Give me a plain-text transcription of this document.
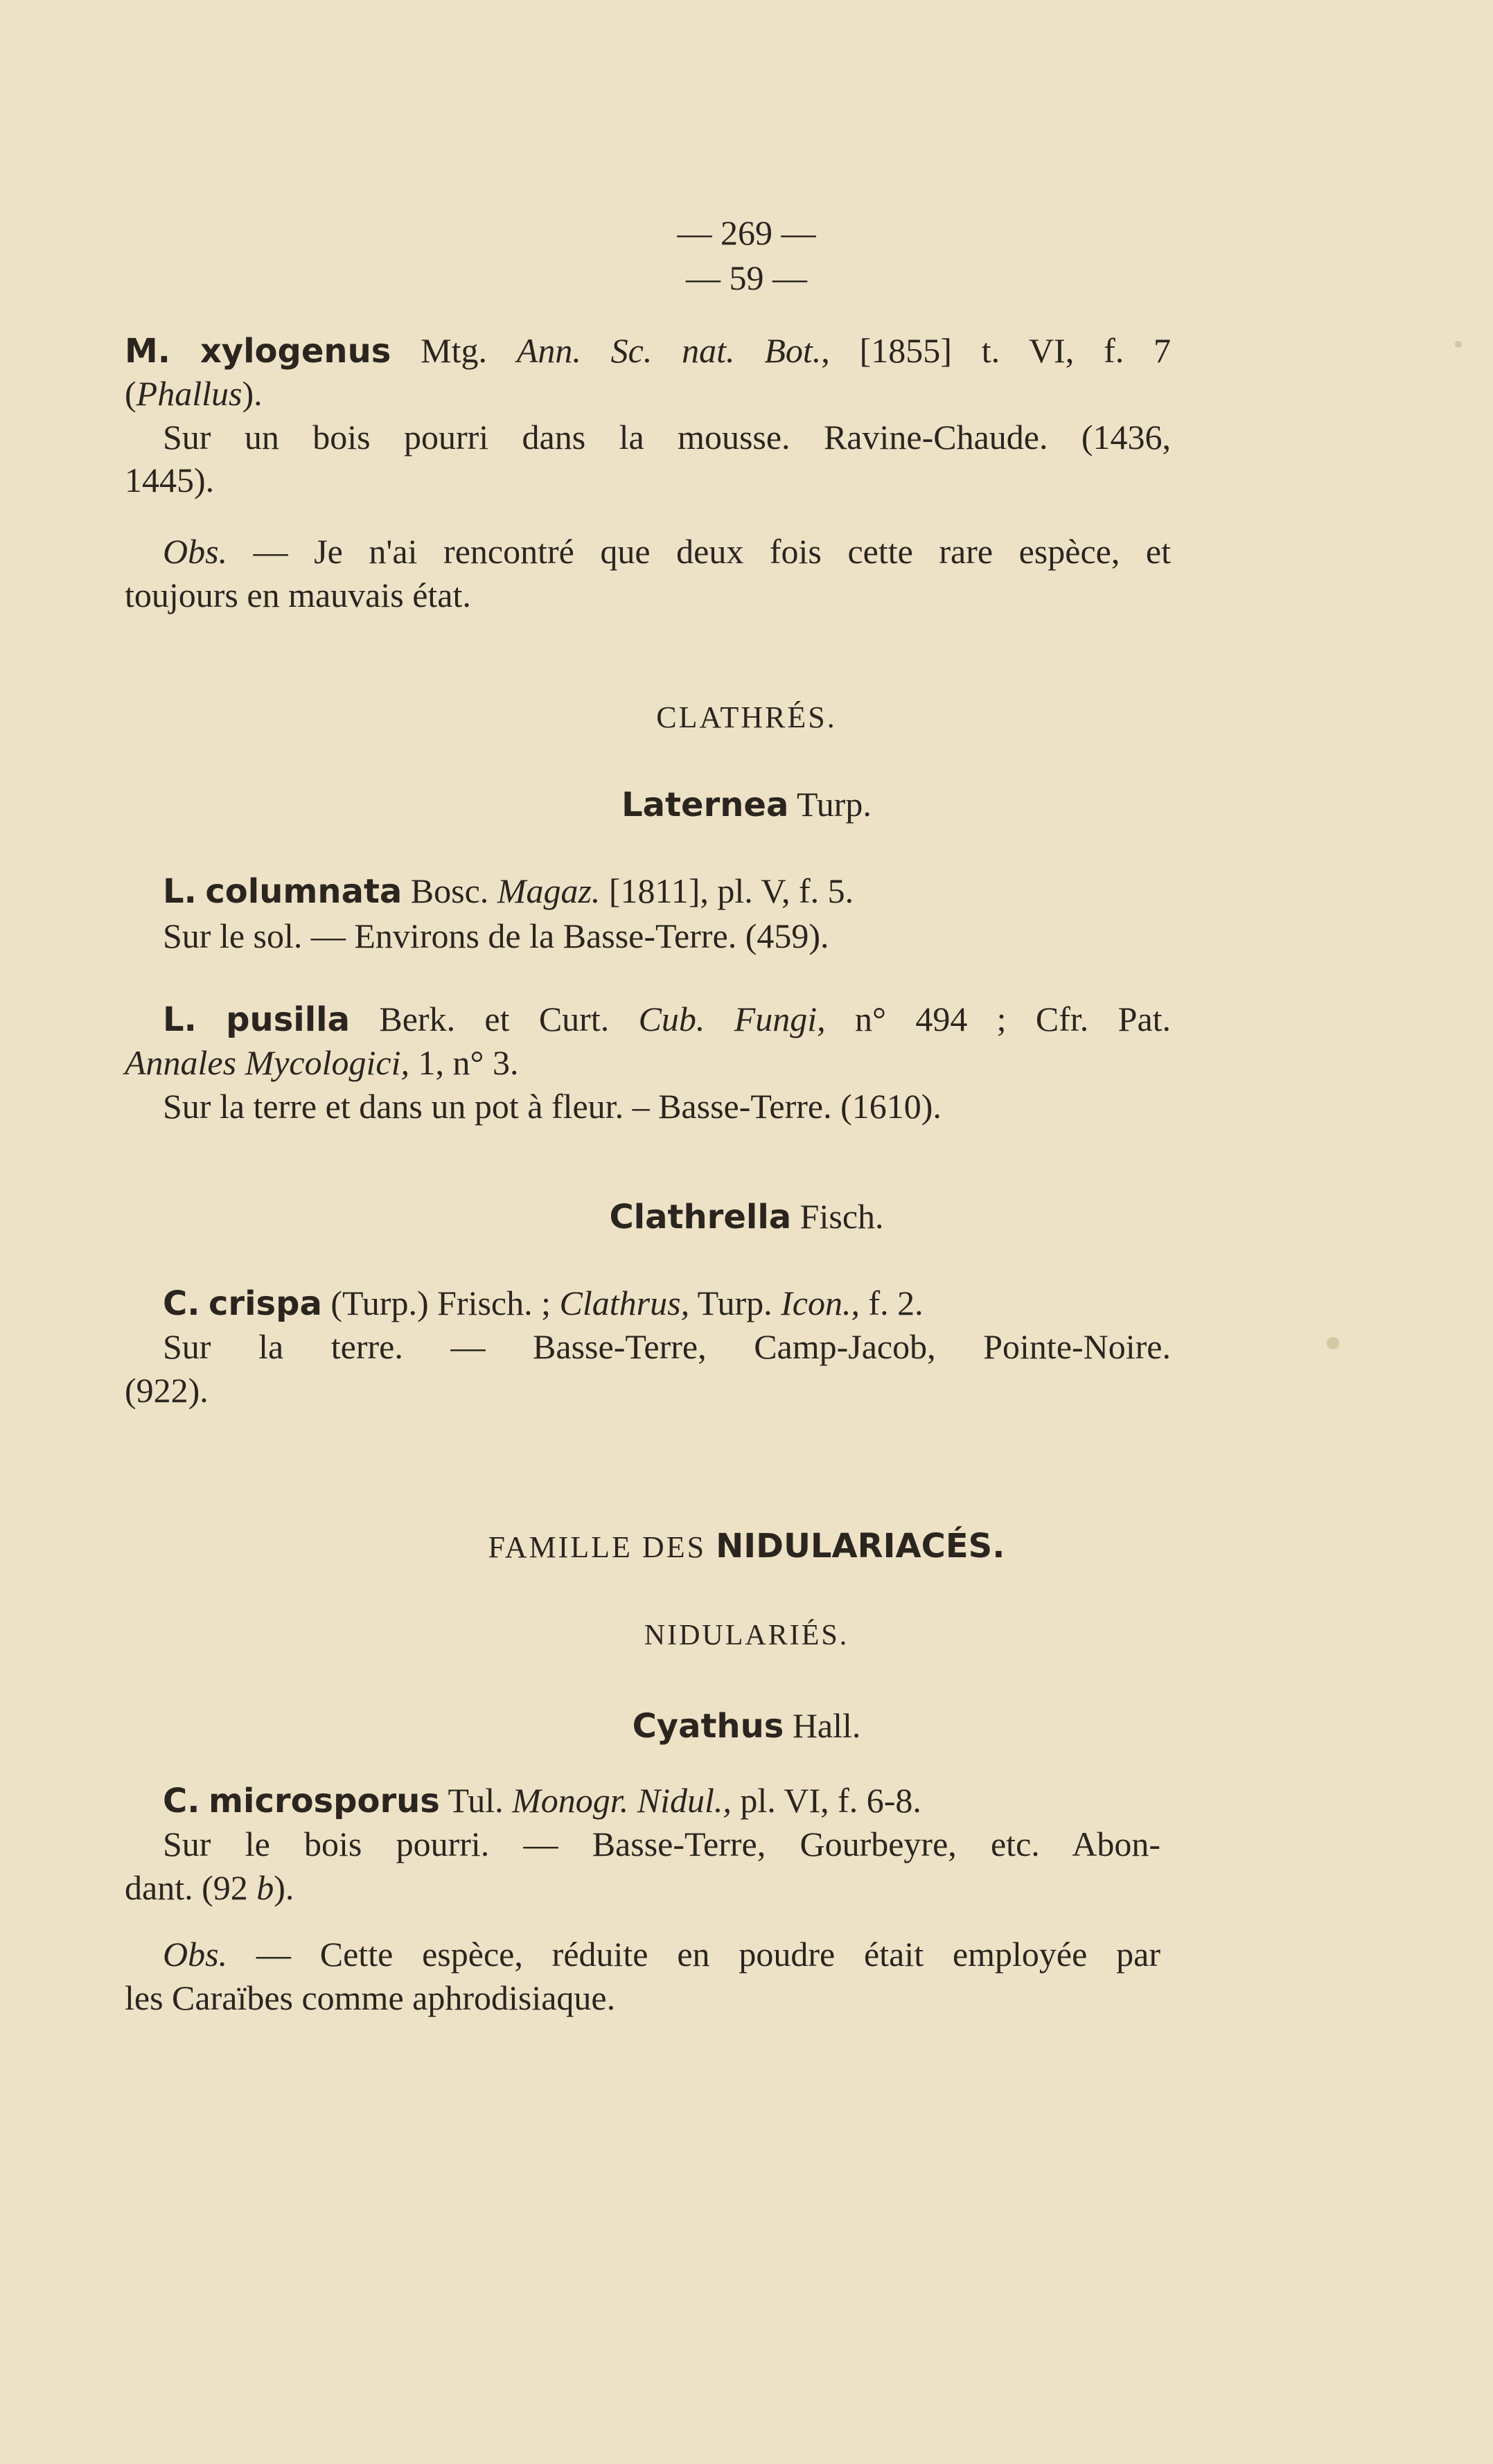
— 269 —
— 59 —
M. xylogenus Mtg. Ann. Sc. nat. Bot., [1855] t. VI, f. 7
(Phallus).
Sur un bois pourri dans la mousse. Ravine-Chaude. (1436,
1445).
Obs. — Je n'ai rencontré que deux fois cette rare espèce, et
toujours en mauvais état.
CLATHRÉS.
Laternea Turp.
L. columnata Bosc. Magaz. [1811], pl. V, f. 5.
Sur le sol. — Environs de la Basse-Terre. (459).
L. pusilla Berk. et Curt. Cub. Fungi, n° 494 ; Cfr. Pat.
Annales Mycologici, 1, n° 3.
Sur la terre et dans un pot à fleur. – Basse-Terre. (1610).
Clathrella Fisch.
C. crispa (Turp.) Frisch. ; Clathrus, Turp. Icon., f. 2.
Sur la terre. — Basse-Terre, Camp-Jacob, Pointe-Noire.
(922).
FAMILLE DES NIDULARIACÉS.
NIDULARIÉS.
Cyathus Hall.
C. microsporus Tul. Monogr. Nidul., pl. VI, f. 6-8.
Sur le bois pourri. — Basse-Terre, Gourbeyre, etc. Abon-
dant. (92 b).
Obs. — Cette espèce, réduite en poudre était employée par
les Caraïbes comme aphrodisiaque.
